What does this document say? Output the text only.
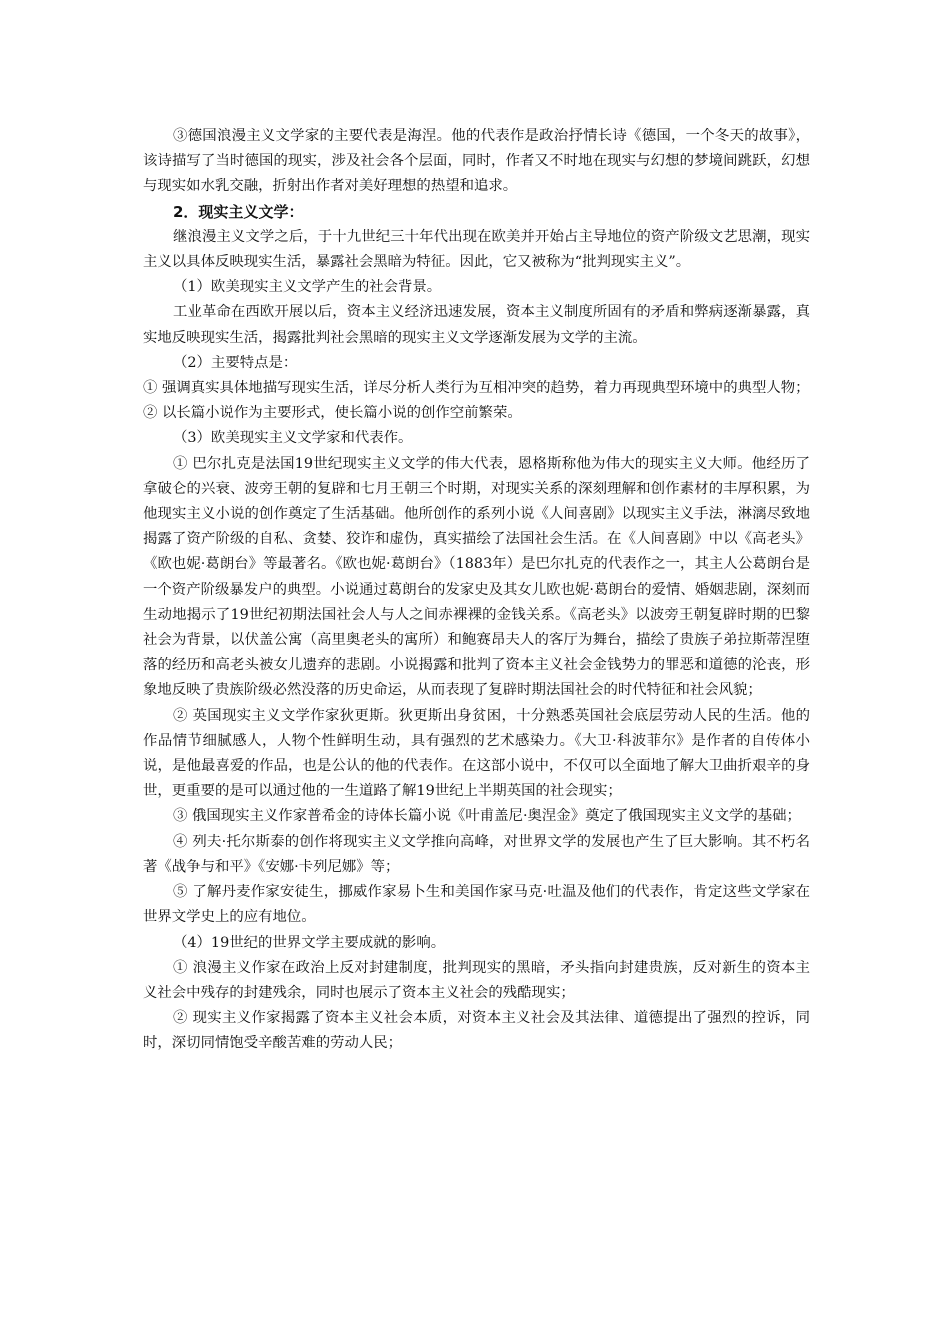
③德国浪漫主义文学家的主要代表是海涅。他的代表作是政治抒情长诗《德国，一个冬天的故事》，该诗描写了当时德国的现实，涉及社会各个层面，同时，作者又不时地在现实与幻想的梦境间跳跃，幻想与现实如水乳交融，折射出作者对美好理想的热望和追求。

2．现实主义文学：

继浪漫主义文学之后，于十九世纪三十年代出现在欧美并开始占主导地位的资产阶级文艺思潮，现实主义以具体反映现实生活，暴露社会黑暗为特征。因此，它又被称为“批判现实主义”。

（1）欧美现实主义文学产生的社会背景。

工业革命在西欧开展以后，资本主义经济迅速发展，资本主义制度所固有的矛盾和弊病逐渐暴露，真实地反映现实生活，揭露批判社会黑暗的现实主义文学逐渐发展为文学的主流。

（2）主要特点是：

① 强调真实具体地描写现实生活，详尽分析人类行为互相冲突的趋势，着力再现典型环境中的典型人物；

② 以长篇小说作为主要形式，使长篇小说的创作空前繁荣。

（3）欧美现实主义文学家和代表作。

① 巴尔扎克是法国19世纪现实主义文学的伟大代表，恩格斯称他为伟大的现实主义大师。他经历了拿破仑的兴衰、波旁王朝的复辟和七月王朝三个时期，对现实关系的深刻理解和创作素材的丰厚积累，为他现实主义小说的创作奠定了生活基础。他所创作的系列小说《人间喜剧》以现实主义手法，淋漓尽致地揭露了资产阶级的自私、贪婪、狡诈和虚伪，真实描绘了法国社会生活。在《人间喜剧》中以《高老头》《欧也妮·葛朗台》等最著名。《欧也妮·葛朗台》（1883年）是巴尔扎克的代表作之一，其主人公葛朗台是一个资产阶级暴发户的典型。小说通过葛朗台的发家史及其女儿欧也妮·葛朗台的爱情、婚姻悲剧，深刻而生动地揭示了19世纪初期法国社会人与人之间赤裸裸的金钱关系。《高老头》以波旁王朝复辟时期的巴黎社会为背景，以伏盖公寓（高里奥老头的寓所）和鲍赛昂夫人的客厅为舞台，描绘了贵族子弟拉斯蒂涅堕落的经历和高老头被女儿遗弃的悲剧。小说揭露和批判了资本主义社会金钱势力的罪恶和道德的沦丧，形象地反映了贵族阶级必然没落的历史命运，从而表现了复辟时期法国社会的时代特征和社会风貌；

② 英国现实主义文学作家狄更斯。狄更斯出身贫困，十分熟悉英国社会底层劳动人民的生活。他的作品情节细腻感人，人物个性鲜明生动，具有强烈的艺术感染力。《大卫·科波菲尔》是作者的自传体小说，是他最喜爱的作品，也是公认的他的代表作。在这部小说中，不仅可以全面地了解大卫曲折艰辛的身世，更重要的是可以通过他的一生道路了解19世纪上半期英国的社会现实；

③ 俄国现实主义作家普希金的诗体长篇小说《叶甫盖尼·奥涅金》奠定了俄国现实主义文学的基础；

④ 列夫·托尔斯泰的创作将现实主义文学推向高峰，对世界文学的发展也产生了巨大影响。其不朽名著《战争与和平》《安娜·卡列尼娜》等；

⑤ 了解丹麦作家安徒生，挪威作家易卜生和美国作家马克·吐温及他们的代表作，肯定这些文学家在世界文学史上的应有地位。

（4）19世纪的世界文学主要成就的影响。

① 浪漫主义作家在政治上反对封建制度，批判现实的黑暗，矛头指向封建贵族，反对新生的资本主义社会中残存的封建残余，同时也展示了资本主义社会的残酷现实；

② 现实主义作家揭露了资本主义社会本质，对资本主义社会及其法律、道德提出了强烈的控诉，同时，深切同情饱受辛酸苦难的劳动人民；
